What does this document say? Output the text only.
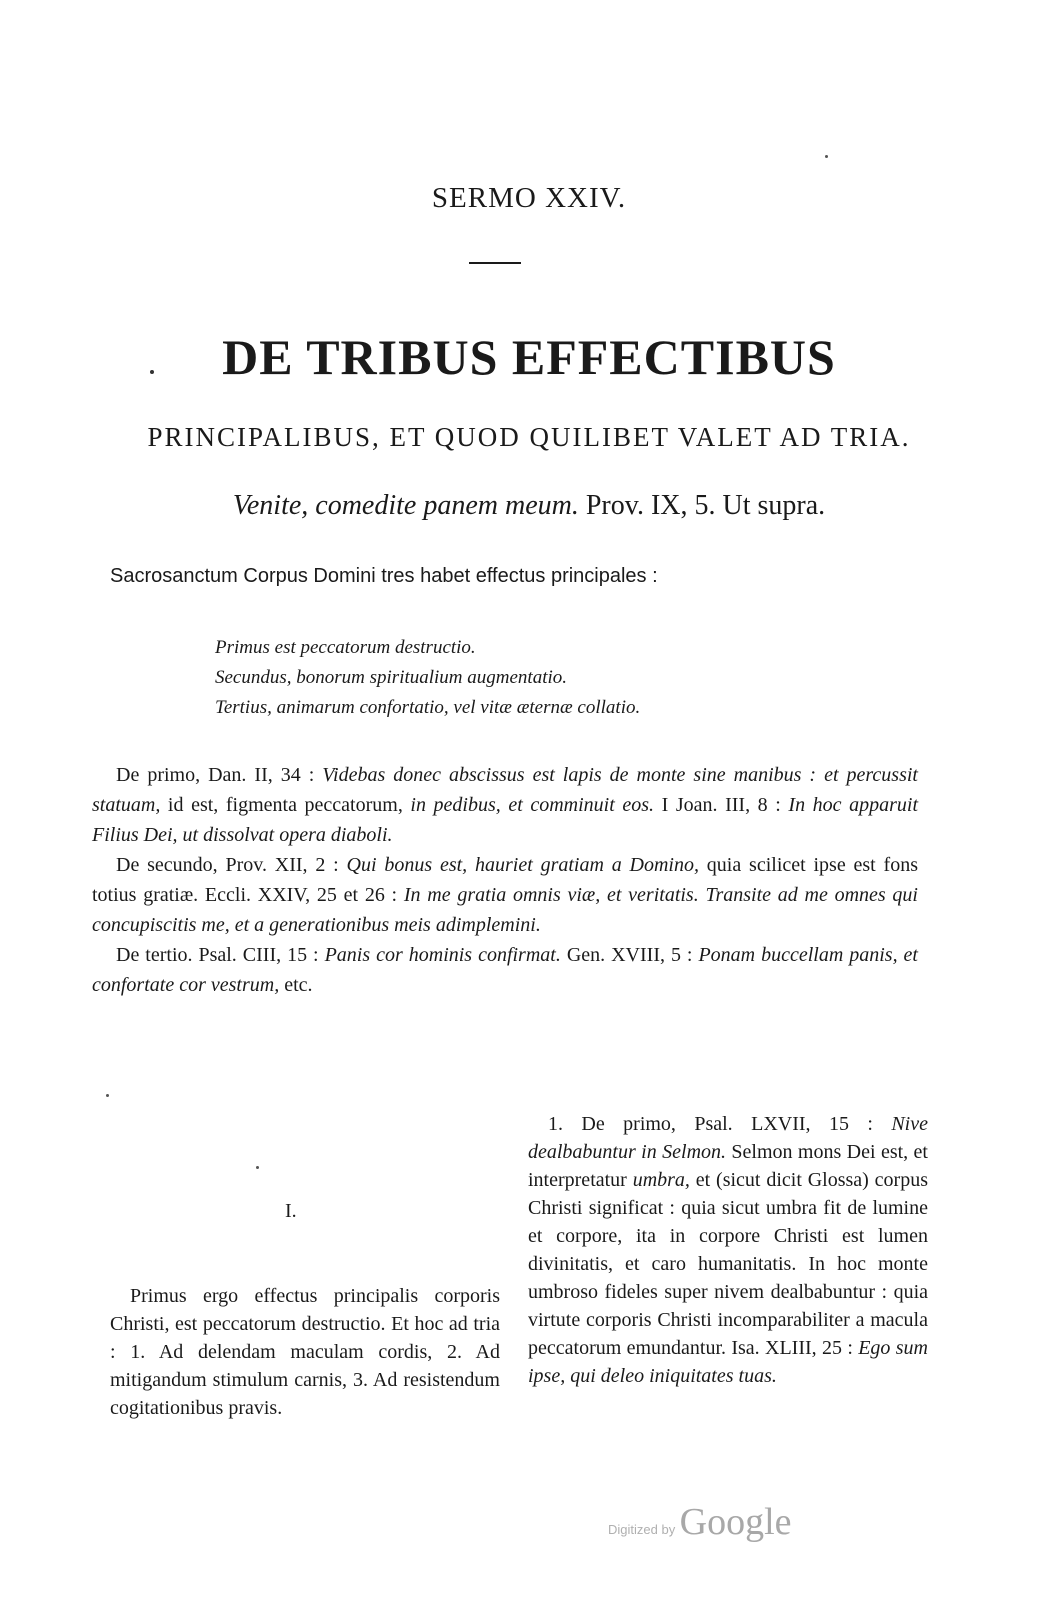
SERMO XXIV.
DE TRIBUS EFFECTIBUS
PRINCIPALIBUS, ET QUOD QUILIBET VALET AD TRIA.
Venite, comedite panem meum. Prov. IX, 5. Ut supra.
Sacrosanctum Corpus Domini tres habet effectus principales :
Primus est peccatorum destructio.
Secundus, bonorum spiritualium augmentatio.
Tertius, animarum confortatio, vel vitæ æternæ collatio.

De primo, Dan. II, 34 : Videbas donec abscissus est lapis de monte sine manibus : et percussit statuam, id est, figmenta peccatorum, in pedibus, et comminuit eos. I Joan. III, 8 : In hoc apparuit Filius Dei, ut dissolvat opera diaboli.

De secundo, Prov. XII, 2 : Qui bonus est, hauriet gratiam a Domino, quia scilicet ipse est fons totius gratiæ. Eccli. XXIV, 25 et 26 : In me gratia omnis viæ, et veritatis. Transite ad me omnes qui concupiscitis me, et a generationibus meis adimplemini.

De tertio. Psal. CIII, 15 : Panis cor hominis confirmat. Gen. XVIII, 5 : Ponam buccellam panis, et confortate cor vestrum, etc.

I.

Primus ergo effectus principalis corporis Christi, est peccatorum destructio. Et hoc ad tria : 1. Ad delendam maculam cordis, 2. Ad mitigandum stimulum carnis, 3. Ad resistendum cogitationibus pravis.

1. De primo, Psal. LXVII, 15 : Nive dealbabuntur in Selmon. Selmon mons Dei est, et interpretatur umbra, et (sicut dicit Glossa) corpus Christi significat : quia sicut umbra fit de lumine et corpore, ita in corpore Christi est lumen divinitatis, et caro humanitatis. In hoc monte umbroso fideles super nivem dealbabuntur : quia virtute corporis Christi incomparabiliter a macula peccatorum emundantur. Isa. XLIII, 25 : Ego sum ipse, qui deleo iniquitates tuas.

Digitized by Google
